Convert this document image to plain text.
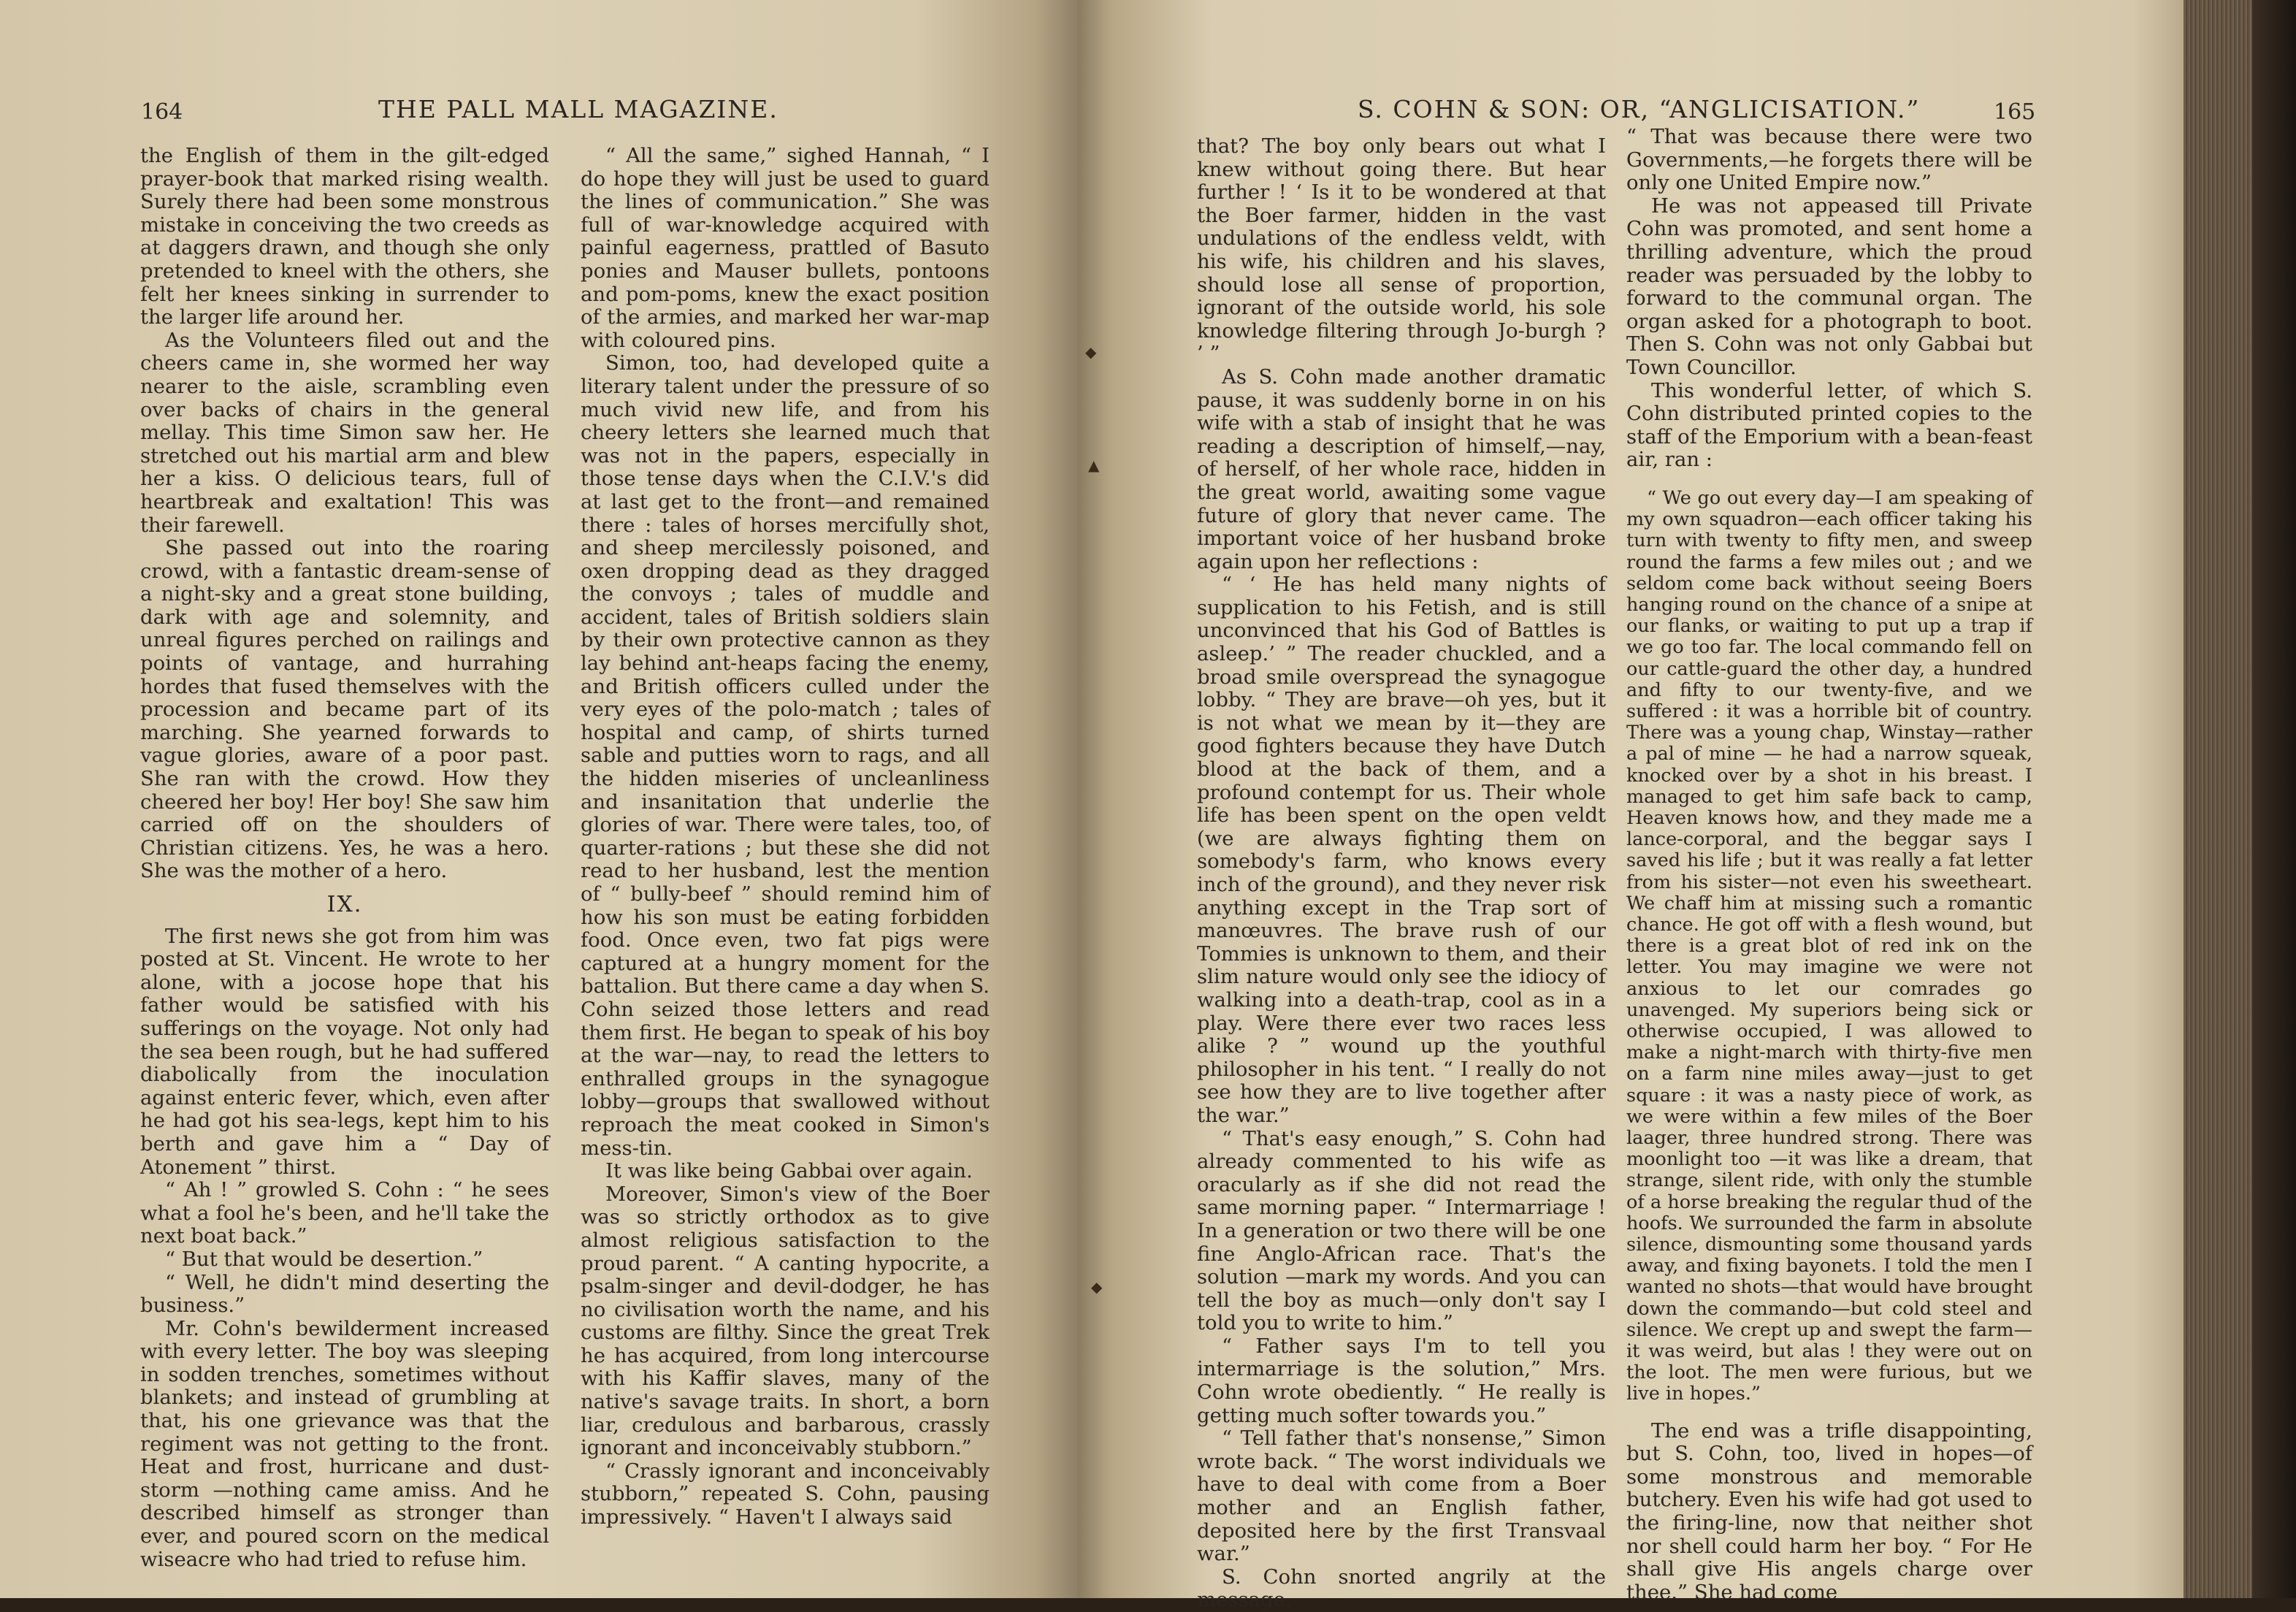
164	THE PALL MALL MAGAZINE.

the English of them in the gilt-edged prayer-book that marked rising wealth. Surely there had been some monstrous mistake in conceiving the two creeds as at daggers drawn, and though she only pretended to kneel with the others, she felt her knees sinking in surrender to the larger life around her.

As the Volunteers filed out and the cheers came in, she wormed her way nearer to the aisle, scrambling even over backs of chairs in the general mellay. This time Simon saw her. He stretched out his martial arm and blew her a kiss. O delicious tears, full of heartbreak and exaltation! This was their farewell.

She passed out into the roaring crowd, with a fantastic dream-sense of a night-sky and a great stone building, dark with age and solemnity, and unreal figures perched on railings and points of vantage, and hurrahing hordes that fused themselves with the procession and became part of its marching. She yearned forwards to vague glories, aware of a poor past. She ran with the crowd. How they cheered her boy! Her boy! She saw him carried off on the shoulders of Christian citizens. Yes, he was a hero. She was the mother of a hero.

IX.

The first news she got from him was posted at St. Vincent. He wrote to her alone, with a jocose hope that his father would be satisfied with his sufferings on the voyage. Not only had the sea been rough, but he had suffered diabolically from the inoculation against enteric fever, which, even after he had got his sea-legs, kept him to his berth and gave him a “ Day of Atonement ” thirst.

“ Ah ! ” growled S. Cohn : “ he sees what a fool he's been, and he'll take the next boat back.”

“ But that would be desertion.”

“ Well, he didn't mind deserting the business.”

Mr. Cohn's bewilderment increased with every letter. The boy was sleeping in sodden trenches, sometimes without blankets; and instead of grumbling at that, his one grievance was that the regiment was not getting to the front. Heat and frost, hurricane and dust-storm —nothing came amiss. And he described himself as stronger than ever, and poured scorn on the medical wiseacre who had tried to refuse him.

“ All the same,” sighed Hannah, “ I do hope they will just be used to guard the lines of communication.” She was full of war-knowledge acquired with painful eagerness, prattled of Basuto ponies and Mauser bullets, pontoons and pom-poms, knew the exact position of the armies, and marked her war-map with coloured pins.

Simon, too, had developed quite a literary talent under the pressure of so much vivid new life, and from his cheery letters she learned much that was not in the papers, especially in those tense days when the C.I.V.'s did at last get to the front—and remained there : tales of horses mercifully shot, and sheep mercilessly poisoned, and oxen dropping dead as they dragged the convoys ; tales of muddle and accident, tales of British soldiers slain by their own protective cannon as they lay behind ant-heaps facing the enemy, and British officers culled under the very eyes of the polo-match ; tales of hospital and camp, of shirts turned sable and putties worn to rags, and all the hidden miseries of uncleanliness and insanitation that underlie the glories of war. There were tales, too, of quarter-rations ; but these she did not read to her husband, lest the mention of “ bully-beef ” should remind him of how his son must be eating forbidden food. Once even, two fat pigs were captured at a hungry moment for the battalion. But there came a day when S. Cohn seized those letters and read them first. He began to speak of his boy at the war—nay, to read the letters to enthralled groups in the synagogue lobby—groups that swallowed without reproach the meat cooked in Simon's mess-tin.

It was like being Gabbai over again.

Moreover, Simon's view of the Boer was so strictly orthodox as to give almost religious satisfaction to the proud parent. “ A canting hypocrite, a psalm-singer and devil-dodger, he has no civilisation worth the name, and his customs are filthy. Since the great Trek he has acquired, from long intercourse with his Kaffir slaves, many of the native's savage traits. In short, a born liar, credulous and barbarous, crassly ignorant and inconceivably stubborn.”

“ Crassly ignorant and inconceivably stubborn,” repeated S. Cohn, pausing impressively. “ Haven't I always said

◆
▲
◆
S. COHN & SON: OR, “ANGLICISATION.”	165

that? The boy only bears out what I knew without going there. But hear further ! ‘ Is it to be wondered at that the Boer farmer, hidden in the vast undulations of the endless veldt, with his wife, his children and his slaves, should lose all sense of proportion, ignorant of the outside world, his sole knowledge filtering through Jo-burgh ? ’ ”

As S. Cohn made another dramatic pause, it was suddenly borne in on his wife with a stab of insight that he was reading a description of himself,—nay, of herself, of her whole race, hidden in the great world, awaiting some vague future of glory that never came. The important voice of her husband broke again upon her reflections :

“ ‘ He has held many nights of supplication to his Fetish, and is still unconvinced that his God of Battles is asleep.’ ” The reader chuckled, and a broad smile overspread the synagogue lobby. “ They are brave—oh yes, but it is not what we mean by it—they are good fighters because they have Dutch blood at the back of them, and a profound contempt for us. Their whole life has been spent on the open veldt (we are always fighting them on somebody's farm, who knows every inch of the ground), and they never risk anything except in the Trap sort of manœuvres. The brave rush of our Tommies is unknown to them, and their slim nature would only see the idiocy of walking into a death-trap, cool as in a play. Were there ever two races less alike ? ” wound up the youthful philosopher in his tent. “ I really do not see how they are to live together after the war.”

“ That's easy enough,” S. Cohn had already commented to his wife as oracularly as if she did not read the same morning paper. “ Intermarriage ! In a generation or two there will be one fine Anglo-African race. That's the solution —mark my words. And you can tell the boy as much—only don't say I told you to write to him.”

“ Father says I'm to tell you intermarriage is the solution,” Mrs. Cohn wrote obediently. “ He really is getting much softer towards you.”

“ Tell father that's nonsense,” Simon wrote back. “ The worst individuals we have to deal with come from a Boer mother and an English father, deposited here by the first Transvaal war.”

S. Cohn snorted angrily at the message.

“ That was because there were two Governments,—he forgets there will be only one United Empire now.”

He was not appeased till Private Cohn was promoted, and sent home a thrilling adventure, which the proud reader was persuaded by the lobby to forward to the communal organ. The organ asked for a photograph to boot. Then S. Cohn was not only Gabbai but Town Councillor.

This wonderful letter, of which S. Cohn distributed printed copies to the staff of the Emporium with a bean-feast air, ran :

“ We go out every day—I am speaking of my own squadron—each officer taking his turn with twenty to fifty men, and sweep round the farms a few miles out ; and we seldom come back without seeing Boers hanging round on the chance of a snipe at our flanks, or waiting to put up a trap if we go too far. The local commando fell on our cattle-guard the other day, a hundred and fifty to our twenty-five, and we suffered : it was a horrible bit of country. There was a young chap, Winstay—rather a pal of mine — he had a narrow squeak, knocked over by a shot in his breast. I managed to get him safe back to camp, Heaven knows how, and they made me a lance-corporal, and the beggar says I saved his life ; but it was really a fat letter from his sister—not even his sweetheart. We chaff him at missing such a romantic chance. He got off with a flesh wound, but there is a great blot of red ink on the letter. You may imagine we were not anxious to let our comrades go unavenged. My superiors being sick or otherwise occupied, I was allowed to make a night-march with thirty-five men on a farm nine miles away—just to get square : it was a nasty piece of work, as we were within a few miles of the Boer laager, three hundred strong. There was moonlight too —it was like a dream, that strange, silent ride, with only the stumble of a horse breaking the regular thud of the hoofs. We surrounded the farm in absolute silence, dismounting some thousand yards away, and fixing bayonets. I told the men I wanted no shots—that would have brought down the commando—but cold steel and silence. We crept up and swept the farm— it was weird, but alas ! they were out on the loot. The men were furious, but we live in hopes.”

The end was a trifle disappointing, but S. Cohn, too, lived in hopes—of some monstrous and memorable butchery. Even his wife had got used to the firing-line, now that neither shot nor shell could harm her boy. “ For He shall give His angels charge over thee.” She had come
